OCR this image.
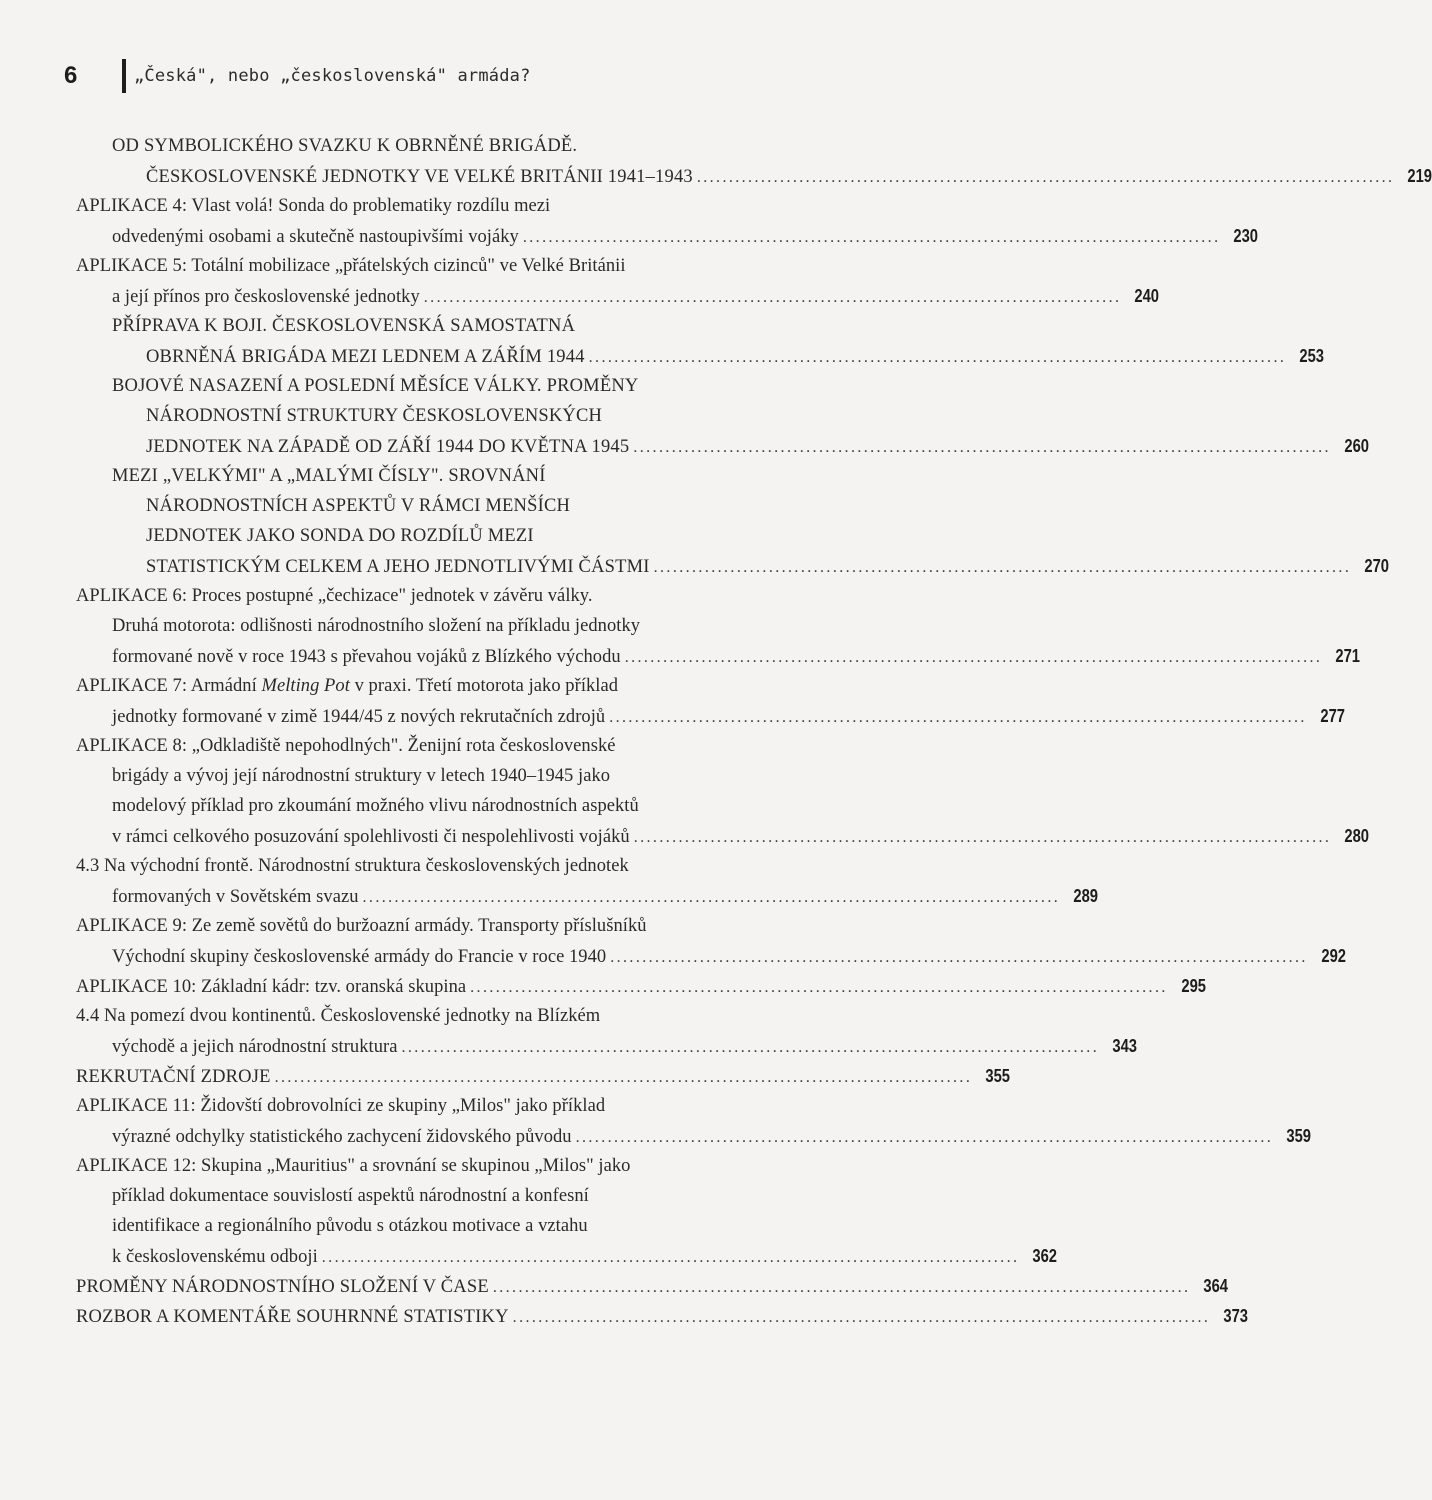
6	„Česká", nebo „československá" armáda?
OD SYMBOLICKÉHO SVAZKU K OBRNĚNÉ BRIGÁDĚ.
ČESKOSLOVENSKÉ JEDNOTKY VE VELKÉ BRITÁNII 1941–1943 ............................................................................................................. 219
APLIKACE 4: Vlast volá! Sonda do problematiky rozdílu mezi
odvedenými osobami a skutečně nastoupivšími vojáky ............................................................................................................. 230
APLIKACE 5: Totální mobilizace „přátelských cizinců" ve Velké Británii
a její přínos pro československé jednotky ............................................................................................................. 240
PŘÍPRAVA K BOJI. ČESKOSLOVENSKÁ SAMOSTATNÁ
OBRNĚNÁ BRIGÁDA MEZI LEDNEM A ZÁŘÍM 1944 ............................................................................................................. 253
BOJOVÉ NASAZENÍ A POSLEDNÍ MĚSÍCE VÁLKY. PROMĚNY
NÁRODNOSTNÍ STRUKTURY ČESKOSLOVENSKÝCH
JEDNOTEK NA ZÁPADĚ OD ZÁŘÍ 1944 DO KVĚTNA 1945 ............................................................................................................. 260
MEZI „VELKÝMI" A „MALÝMI ČÍSLY". SROVNÁNÍ
NÁRODNOSTNÍCH ASPEKTŮ V RÁMCI MENŠÍCH
JEDNOTEK JAKO SONDA DO ROZDÍLŮ MEZI
STATISTICKÝM CELKEM A JEHO JEDNOTLIVÝMI ČÁSTMI ............................................................................................................. 270
APLIKACE 6: Proces postupné „čechizace" jednotek v závěru války.
Druhá motorota: odlišnosti národnostního složení na příkladu jednotky
formované nově v roce 1943 s převahou vojáků z Blízkého východu ............................................................................................................. 271
APLIKACE 7: Armádní Melting Pot v praxi. Třetí motorota jako příklad
jednotky formované v zimě 1944/45 z nových rekrutačních zdrojů ............................................................................................................. 277
APLIKACE 8: „Odkladiště nepohodlných". Ženijní rota československé
brigády a vývoj její národnostní struktury v letech 1940–1945 jako
modelový příklad pro zkoumání možného vlivu národnostních aspektů
v rámci celkového posuzování spolehlivosti či nespolehlivosti vojáků ............................................................................................................. 280
4.3 Na východní frontě. Národnostní struktura československých jednotek
formovaných v Sovětském svazu ............................................................................................................. 289
APLIKACE 9: Ze země sovětů do buržoazní armády. Transporty příslušníků
Východní skupiny československé armády do Francie v roce 1940 ............................................................................................................. 292
APLIKACE 10: Základní kádr: tzv. oranská skupina ............................................................................................................. 295
4.4 Na pomezí dvou kontinentů. Československé jednotky na Blízkém
východě a jejich národnostní struktura ............................................................................................................. 343
REKRUTAČNÍ ZDROJE ............................................................................................................. 355
APLIKACE 11: Židovští dobrovolníci ze skupiny „Milos" jako příklad
výrazné odchylky statistického zachycení židovského původu ............................................................................................................. 359
APLIKACE 12: Skupina „Mauritius" a srovnání se skupinou „Milos" jako
příklad dokumentace souvislostí aspektů národnostní a konfesní
identifikace a regionálního původu s otázkou motivace a vztahu
k československému odboji ............................................................................................................. 362
PROMĚNY NÁRODNOSTNÍHO SLOŽENÍ V ČASE ............................................................................................................. 364
ROZBOR A KOMENTÁŘE SOUHRNNÉ STATISTIKY ............................................................................................................. 373
